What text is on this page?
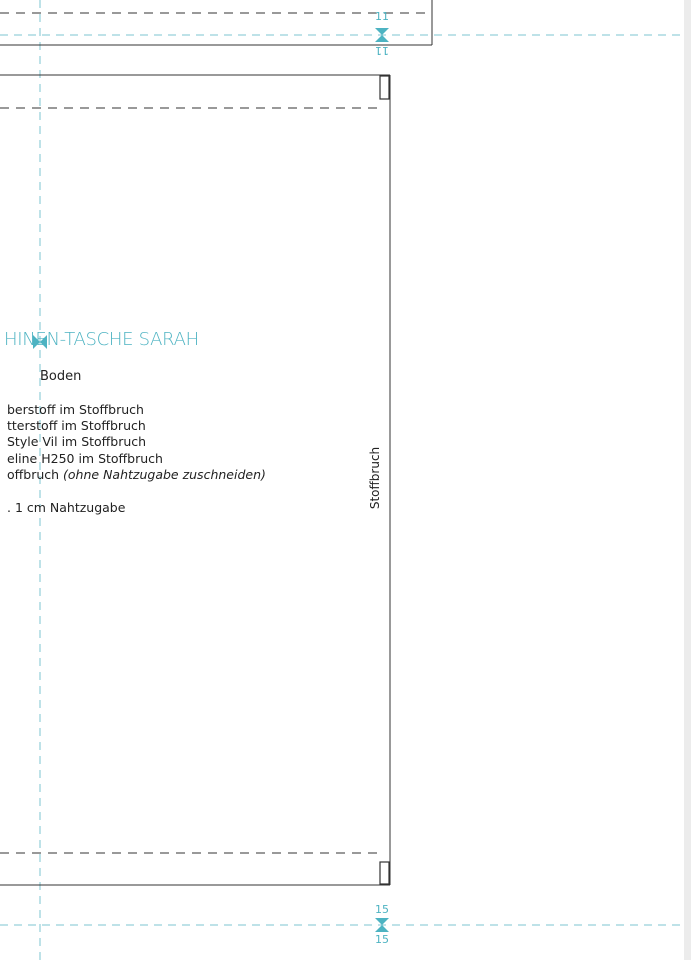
11
11
15
15
HINEN-TASCHE SARAH
Boden
berstoff im Stoffbruch
tterstoff im Stoffbruch
Style Vil im Stoffbruch
eline H250 im Stoffbruch
offbruch (ohne Nahtzugabe zuschneiden)
. 1 cm Nahtzugabe	Stoffbruch
